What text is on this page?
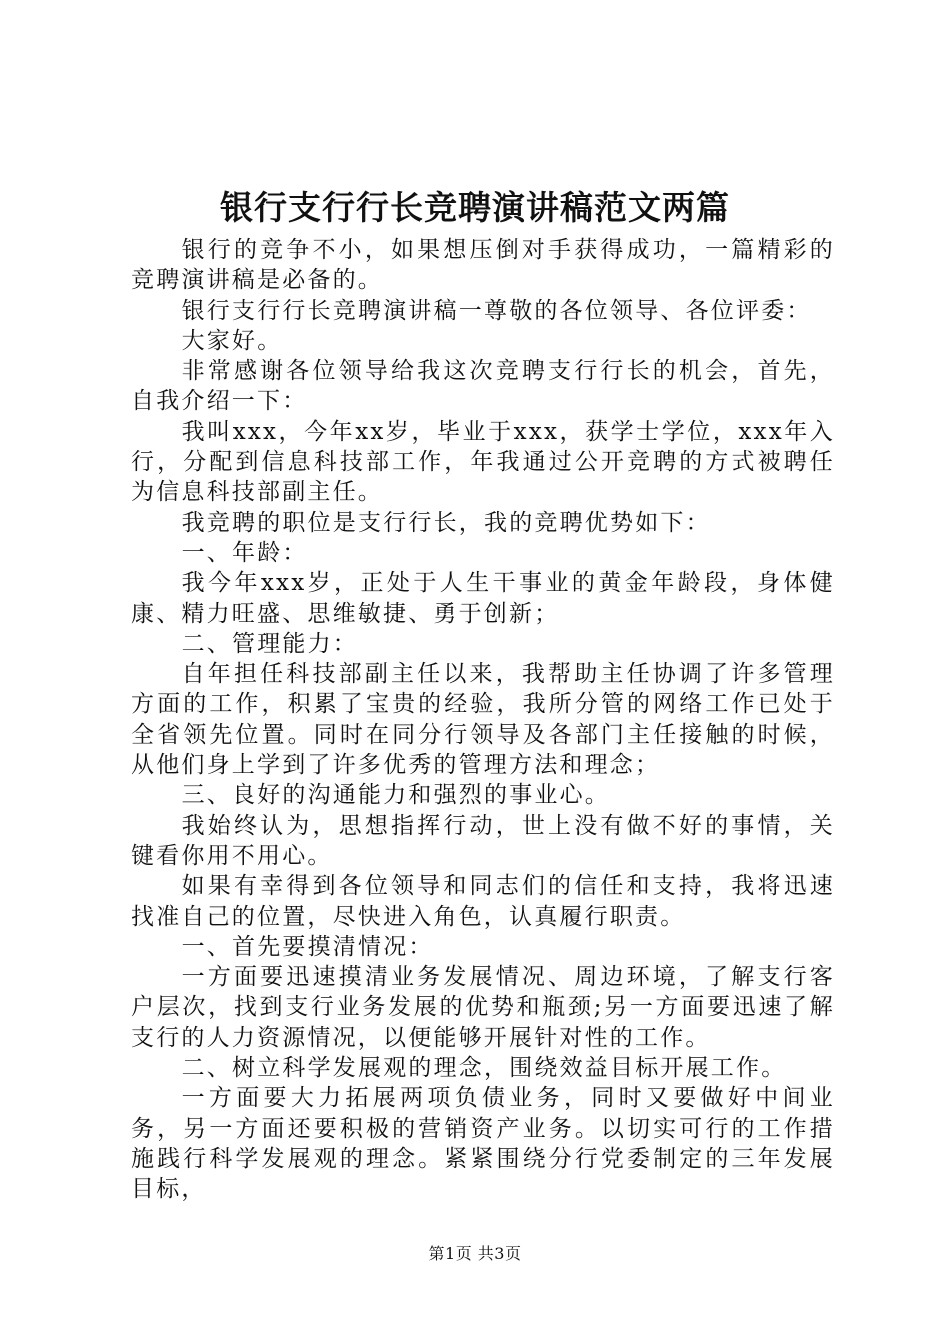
银行支行行长竞聘演讲稿范文两篇

银行的竞争不小，如果想压倒对手获得成功，一篇精彩的竞聘演讲稿是必备的。

银行支行行长竞聘演讲稿一尊敬的各位领导、各位评委：

大家好。

非常感谢各位领导给我这次竞聘支行行长的机会，首先，自我介绍一下：

我叫xxx，今年xx岁，毕业于xxx，获学士学位，xxx年入行，分配到信息科技部工作，年我通过公开竞聘的方式被聘任为信息科技部副主任。

我竞聘的职位是支行行长，我的竞聘优势如下：

一、年龄：

我今年xxx岁，正处于人生干事业的黄金年龄段，身体健康、精力旺盛、思维敏捷、勇于创新；

二、管理能力：

自年担任科技部副主任以来，我帮助主任协调了许多管理方面的工作，积累了宝贵的经验，我所分管的网络工作已处于全省领先位置。同时在同分行领导及各部门主任接触的时候，从他们身上学到了许多优秀的管理方法和理念；

三、良好的沟通能力和强烈的事业心。

我始终认为，思想指挥行动，世上没有做不好的事情，关键看你用不用心。

如果有幸得到各位领导和同志们的信任和支持，我将迅速找准自己的位置，尽快进入角色，认真履行职责。

一、首先要摸清情况：

一方面要迅速摸清业务发展情况、周边环境，了解支行客户层次，找到支行业务发展的优势和瓶颈;另一方面要迅速了解支行的人力资源情况，以便能够开展针对性的工作。

二、树立科学发展观的理念，围绕效益目标开展工作。

一方面要大力拓展两项负债业务，同时又要做好中间业务，另一方面还要积极的营销资产业务。以切实可行的工作措施践行科学发展观的理念。紧紧围绕分行党委制定的三年发展目标，

第1页 共3页
